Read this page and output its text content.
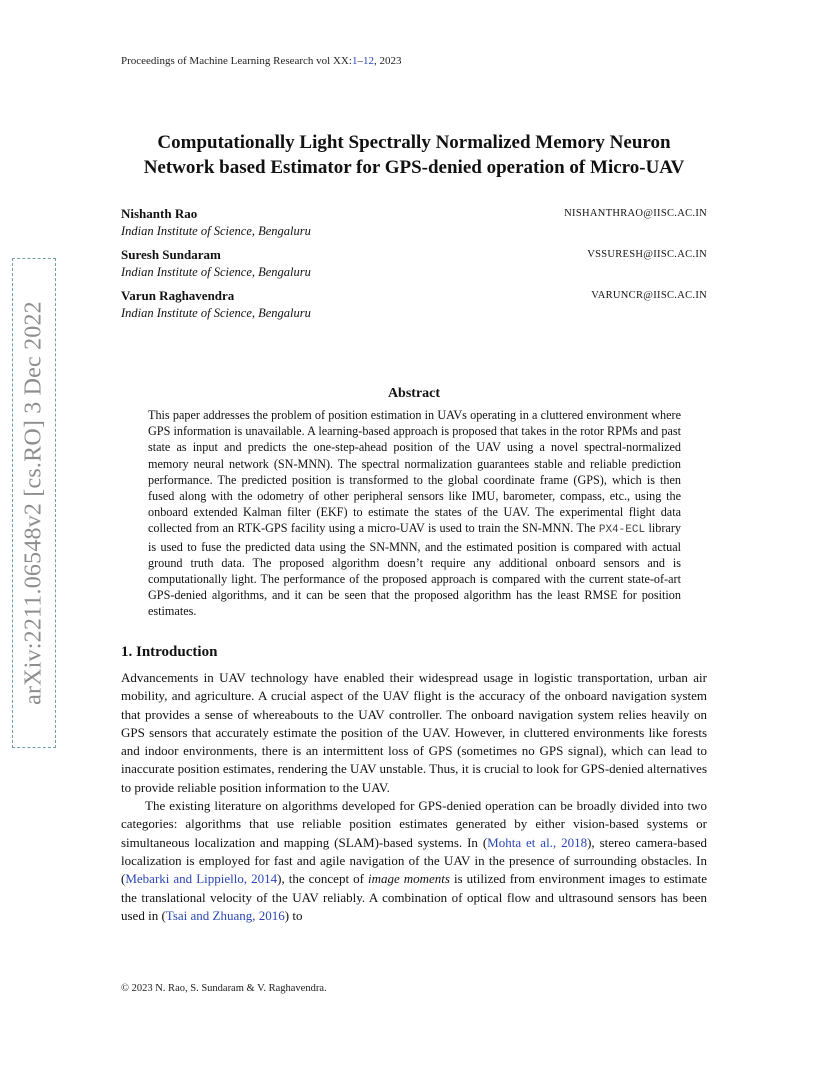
arXiv:2211.06548v2 [cs.RO] 3 Dec 2022
Proceedings of Machine Learning Research vol XX:1–12, 2023
Computationally Light Spectrally Normalized Memory Neuron
Network based Estimator for GPS-denied operation of Micro-UAV
Nishanth Rao	NISHANTHRAO@IISC.AC.IN
Indian Institute of Science, Bengaluru
Suresh Sundaram	VSSURESH@IISC.AC.IN
Indian Institute of Science, Bengaluru
Varun Raghavendra	VARUNCR@IISC.AC.IN
Indian Institute of Science, Bengaluru
Abstract

This paper addresses the problem of position estimation in UAVs operating in a cluttered environment where GPS information is unavailable. A learning-based approach is proposed that takes in the rotor RPMs and past state as input and predicts the one-step-ahead position of the UAV using a novel spectral-normalized memory neural network (SN-MNN). The spectral normalization guarantees stable and reliable prediction performance. The predicted position is transformed to the global coordinate frame (GPS), which is then fused along with the odometry of other peripheral sensors like IMU, barometer, compass, etc., using the onboard extended Kalman filter (EKF) to estimate the states of the UAV. The experimental flight data collected from an RTK-GPS facility using a micro-UAV is used to train the SN-MNN. The PX4-ECL library is used to fuse the predicted data using the SN-MNN, and the estimated position is compared with actual ground truth data. The proposed algorithm doesn’t require any additional onboard sensors and is computationally light. The performance of the proposed approach is compared with the current state-of-art GPS-denied algorithms, and it can be seen that the proposed algorithm has the least RMSE for position estimates.

1. Introduction

Advancements in UAV technology have enabled their widespread usage in logistic transportation, urban air mobility, and agriculture. A crucial aspect of the UAV flight is the accuracy of the onboard navigation system that provides a sense of whereabouts to the UAV controller. The onboard navigation system relies heavily on GPS sensors that accurately estimate the position of the UAV. However, in cluttered environments like forests and indoor environments, there is an intermittent loss of GPS (sometimes no GPS signal), which can lead to inaccurate position estimates, rendering the UAV unstable. Thus, it is crucial to look for GPS-denied alternatives to provide reliable position information to the UAV.

The existing literature on algorithms developed for GPS-denied operation can be broadly divided into two categories: algorithms that use reliable position estimates generated by either vision-based systems or simultaneous localization and mapping (SLAM)-based systems. In (Mohta et al., 2018), stereo camera-based localization is employed for fast and agile navigation of the UAV in the presence of surrounding obstacles. In (Mebarki and Lippiello, 2014), the concept of image moments is utilized from environment images to estimate the translational velocity of the UAV reliably. A combination of optical flow and ultrasound sensors has been used in (Tsai and Zhuang, 2016) to

© 2023 N. Rao, S. Sundaram & V. Raghavendra.
